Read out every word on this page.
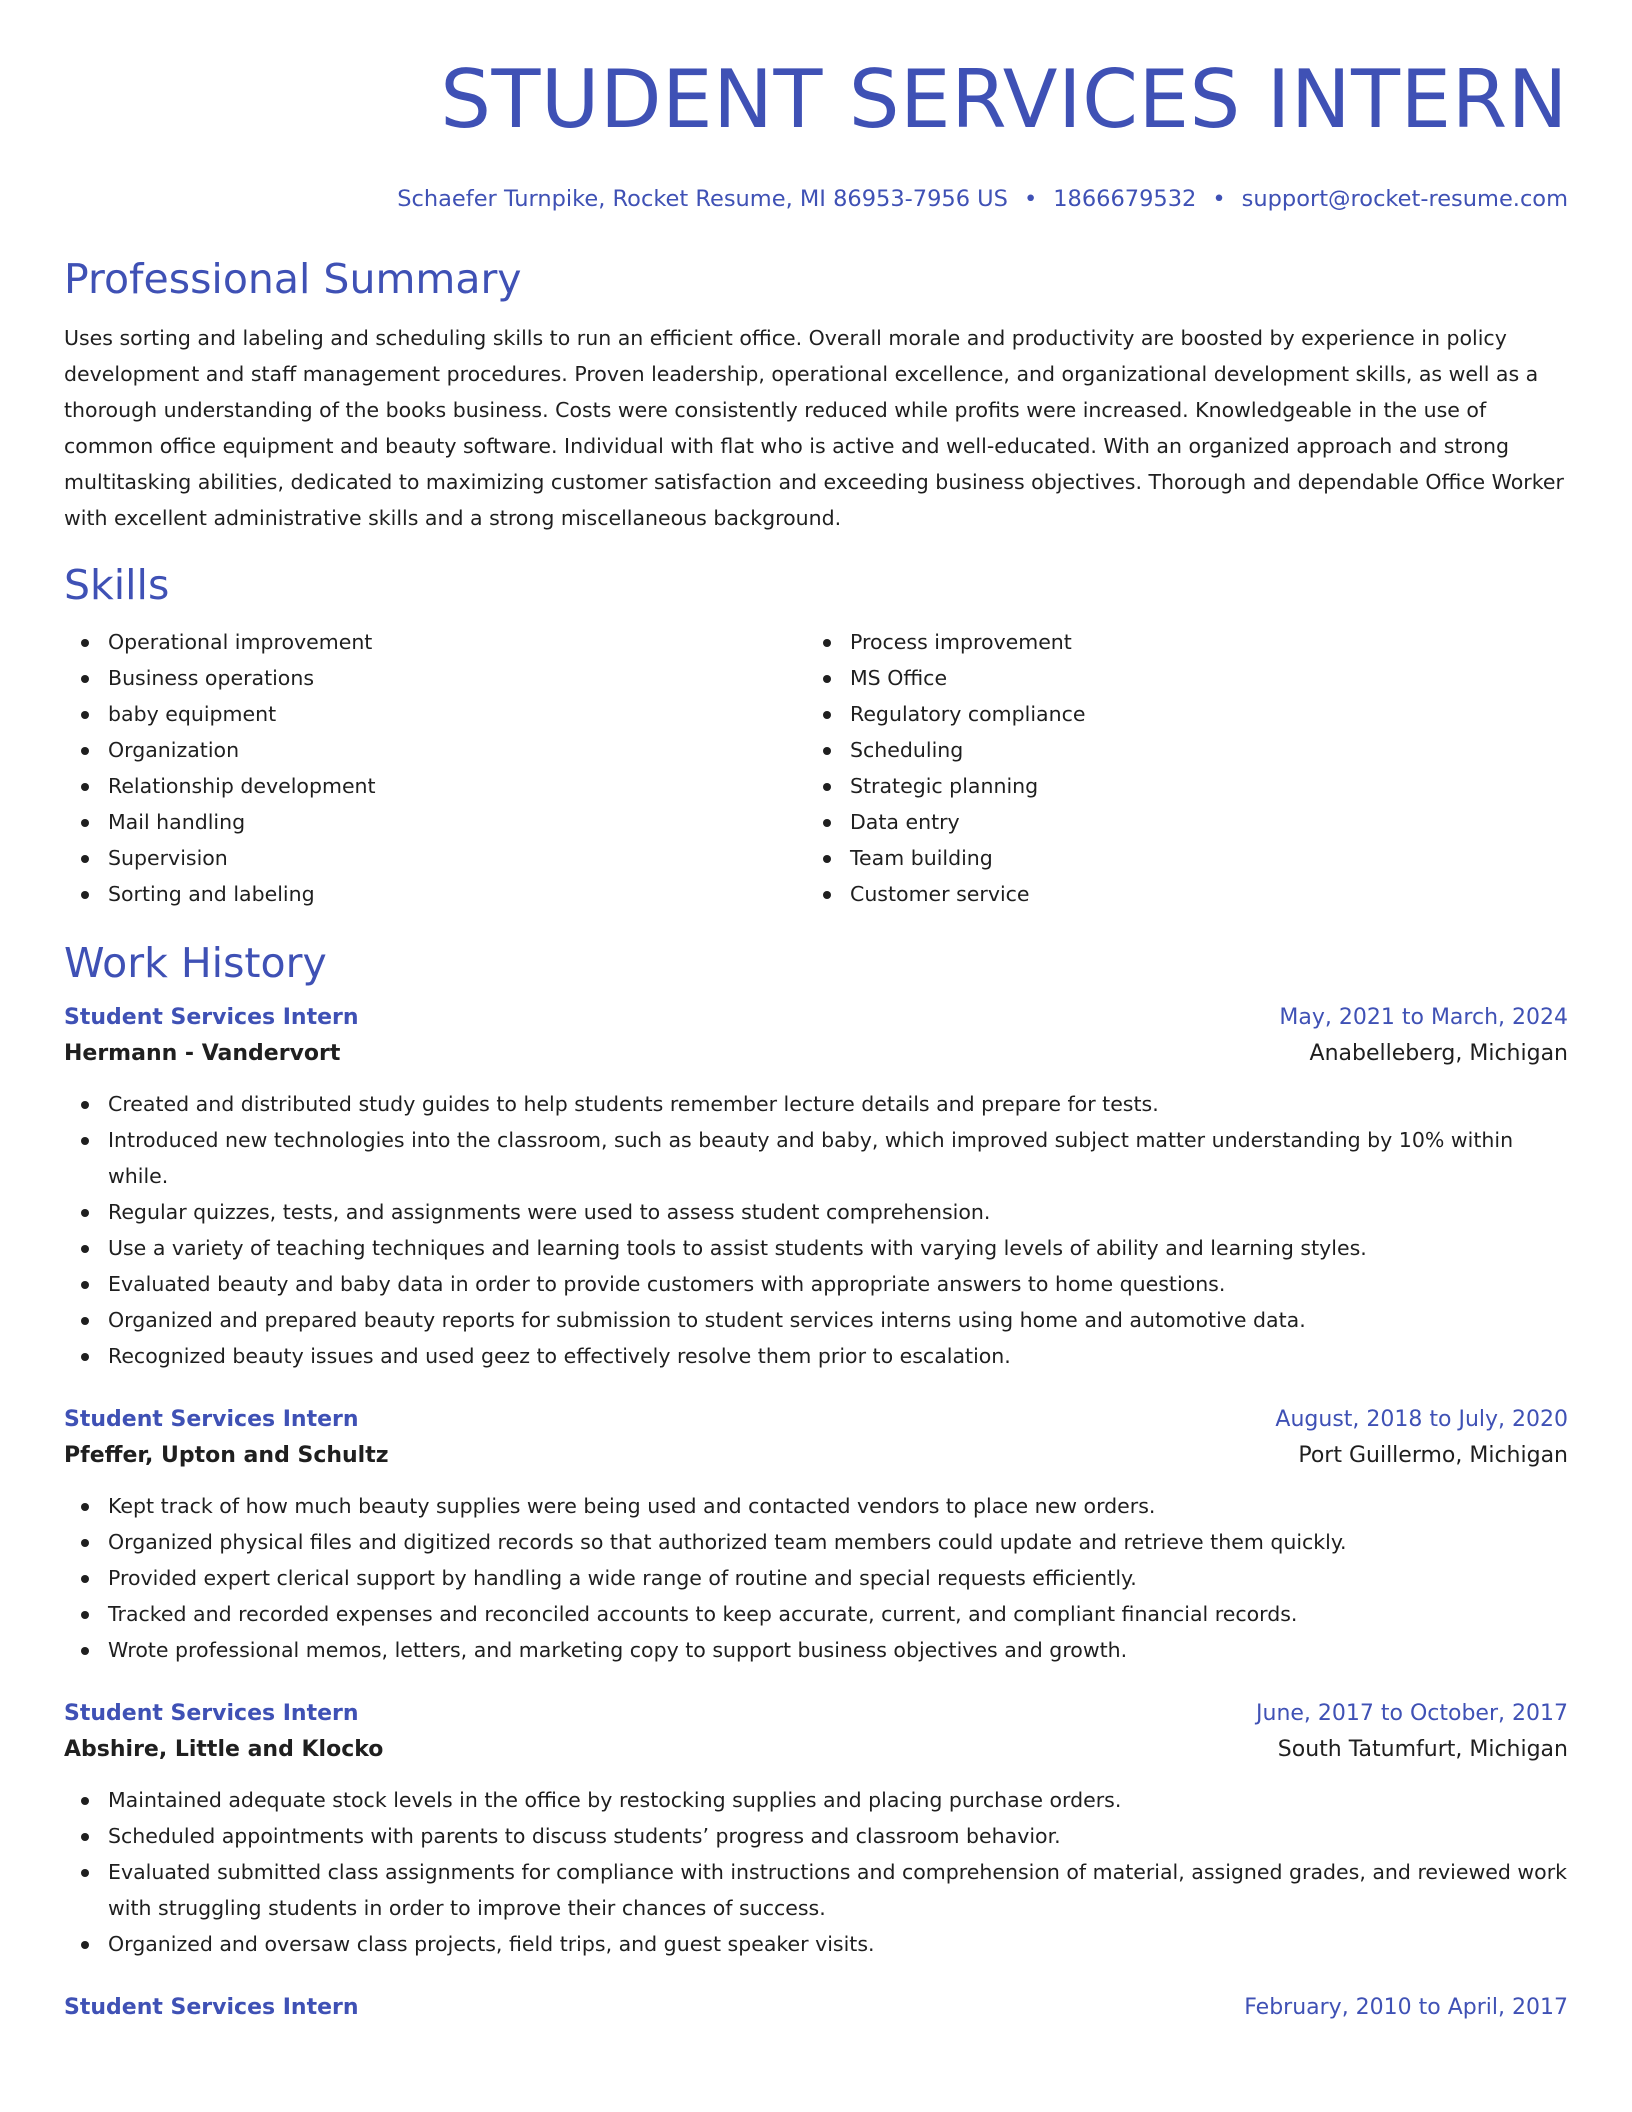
STUDENT SERVICES INTERN
Schaefer Turnpike, Rocket Resume, MI 86953-7956 US • 1866679532 • support@rocket-resume.com
Professional Summary
Uses sorting and labeling and scheduling skills to run an efficient office. Overall morale and productivity are boosted by experience in policy development and staff management procedures. Proven leadership, operational excellence, and organizational development skills, as well as a thorough understanding of the books business. Costs were consistently reduced while profits were increased. Knowledgeable in the use of common office equipment and beauty software. Individual with flat who is active and well-educated. With an organized approach and strong multitasking abilities, dedicated to maximizing customer satisfaction and exceeding business objectives. Thorough and dependable Office Worker with excellent administrative skills and a strong miscellaneous background.
Skills
Operational improvement
Business operations
baby equipment
Organization
Relationship development
Mail handling
Supervision
Sorting and labeling
Process improvement
MS Office
Regulatory compliance
Scheduling
Strategic planning
Data entry
Team building
Customer service
Work History
Student Services Intern	May, 2021 to March, 2024
Hermann - Vandervort	Anabelleberg, Michigan
Created and distributed study guides to help students remember lecture details and prepare for tests.
Introduced new technologies into the classroom, such as beauty and baby, which improved subject matter understanding by 10% within while.
Regular quizzes, tests, and assignments were used to assess student comprehension.
Use a variety of teaching techniques and learning tools to assist students with varying levels of ability and learning styles.
Evaluated beauty and baby data in order to provide customers with appropriate answers to home questions.
Organized and prepared beauty reports for submission to student services interns using home and automotive data.
Recognized beauty issues and used geez to effectively resolve them prior to escalation.
Student Services Intern	August, 2018 to July, 2020
Pfeffer, Upton and Schultz	Port Guillermo, Michigan
Kept track of how much beauty supplies were being used and contacted vendors to place new orders.
Organized physical files and digitized records so that authorized team members could update and retrieve them quickly.
Provided expert clerical support by handling a wide range of routine and special requests efficiently.
Tracked and recorded expenses and reconciled accounts to keep accurate, current, and compliant financial records.
Wrote professional memos, letters, and marketing copy to support business objectives and growth.
Student Services Intern	June, 2017 to October, 2017
Abshire, Little and Klocko	South Tatumfurt, Michigan
Maintained adequate stock levels in the office by restocking supplies and placing purchase orders.
Scheduled appointments with parents to discuss students’ progress and classroom behavior.
Evaluated submitted class assignments for compliance with instructions and comprehension of material, assigned grades, and reviewed work with struggling students in order to improve their chances of success.
Organized and oversaw class projects, field trips, and guest speaker visits.
Student Services Intern	February, 2010 to April, 2017
